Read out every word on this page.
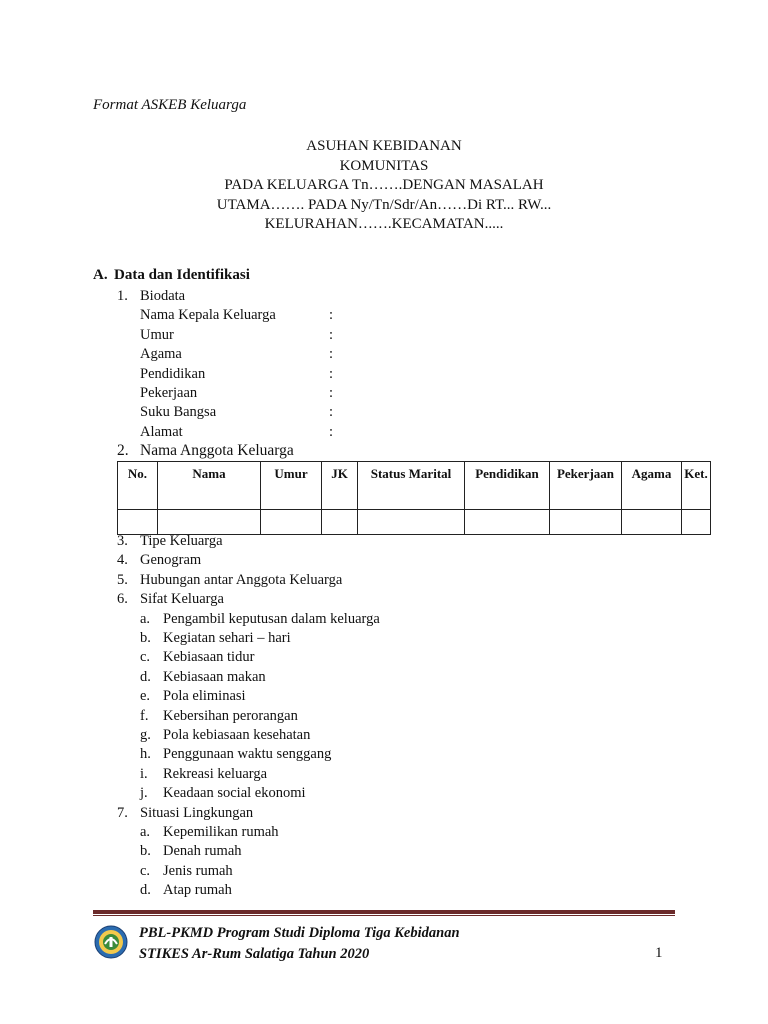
Format ASKEB Keluarga
ASUHAN KEBIDANAN
KOMUNITAS
PADA KELUARGA Tn…….DENGAN MASALAH
UTAMA……. PADA Ny/Tn/Sdr/An……Di RT... RW...
KELURAHAN…….KECAMATAN.....
A. Data dan Identifikasi
1. Biodata
Nama Kepala Keluarga	:
Umur	:
Agama	:
Pendidikan	:
Pekerjaan	:
Suku Bangsa	:
Alamat	:
2. Nama Anggota Keluarga
No.	Nama	Umur	JK	Status Marital	Pendidikan	Pekerjaan	Agama	Ket.

3. Tipe Keluarga
4. Genogram
5. Hubungan antar Anggota Keluarga
6. Sifat Keluarga
a. Pengambil keputusan dalam keluarga
b. Kegiatan sehari – hari
c. Kebiasaan tidur
d. Kebiasaan makan
e. Pola eliminasi
f. Kebersihan perorangan
g. Pola kebiasaan kesehatan
h. Penggunaan waktu senggang
i. Rekreasi keluarga
j. Keadaan social ekonomi
7. Situasi Lingkungan
a. Kepemilikan rumah
b. Denah rumah
c. Jenis rumah
d. Atap rumah
PBL-PKMD Program Studi Diploma Tiga Kebidanan
STIKES Ar-Rum Salatiga Tahun 2020	1
